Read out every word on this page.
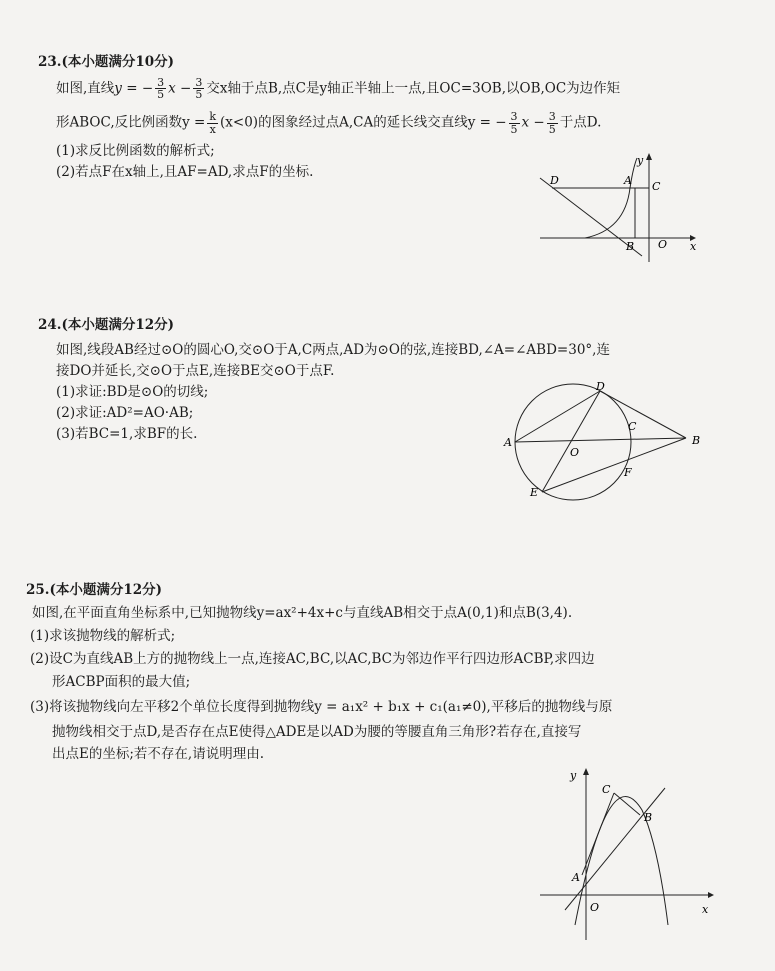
23.(本小题满分10分)
如图,直线y = − $\frac{3}{5}$ $x - \frac{3}{5}$ 交x轴于点B,点C是y轴正半轴上一点,且OC=3OB,以OB,OC为边作矩
形ABOC,反比例函数$y = \frac{k}{x} (x<0)$的图象经过点A,CA的延长线交直线y = − $\frac{3}{5}$ $x - \frac{3}{5}$ 于点D.
(1)求反比例函数的解析式;
(2)若点F在x轴上,且AF=AD,求点F的坐标.
y
x
D	A C
B O
24.(本小题满分12分)
如图,线段AB经过⊙O的圆心O,交⊙O于A,C两点,AD为⊙O的弦,连接BD,∠A=∠ABD=30°,连
接DO并延长,交⊙O于点E,连接BE交⊙O于点F.
(1)求证:BD是⊙O的切线;
(2)求证:AD²=AO·AB;
(3)若BC=1,求BF的长.
D
C
A
O
B
F
E
25.(本小题满分12分)
如图,在平面直角坐标系中,已知抛物线y=ax²+4x+c与直线AB相交于点A(0,1)和点B(3,4).
(1)求该抛物线的解析式;
(2)设C为直线AB上方的抛物线上一点,连接AC,BC,以AC,BC为邻边作平行四边形ACBP,求四边
形ACBP面积的最大值;
(3)将该抛物线向左平移2个单位长度得到抛物线y = a₁x² + b₁x + c₁(a₁≠0),平移后的抛物线与原
抛物线相交于点D,是否存在点E使得△ADE是以AD为腰的等腰直角三角形?若存在,直接写
出点E的坐标;若不存在,请说明理由.
y
C
B
A
O	x
